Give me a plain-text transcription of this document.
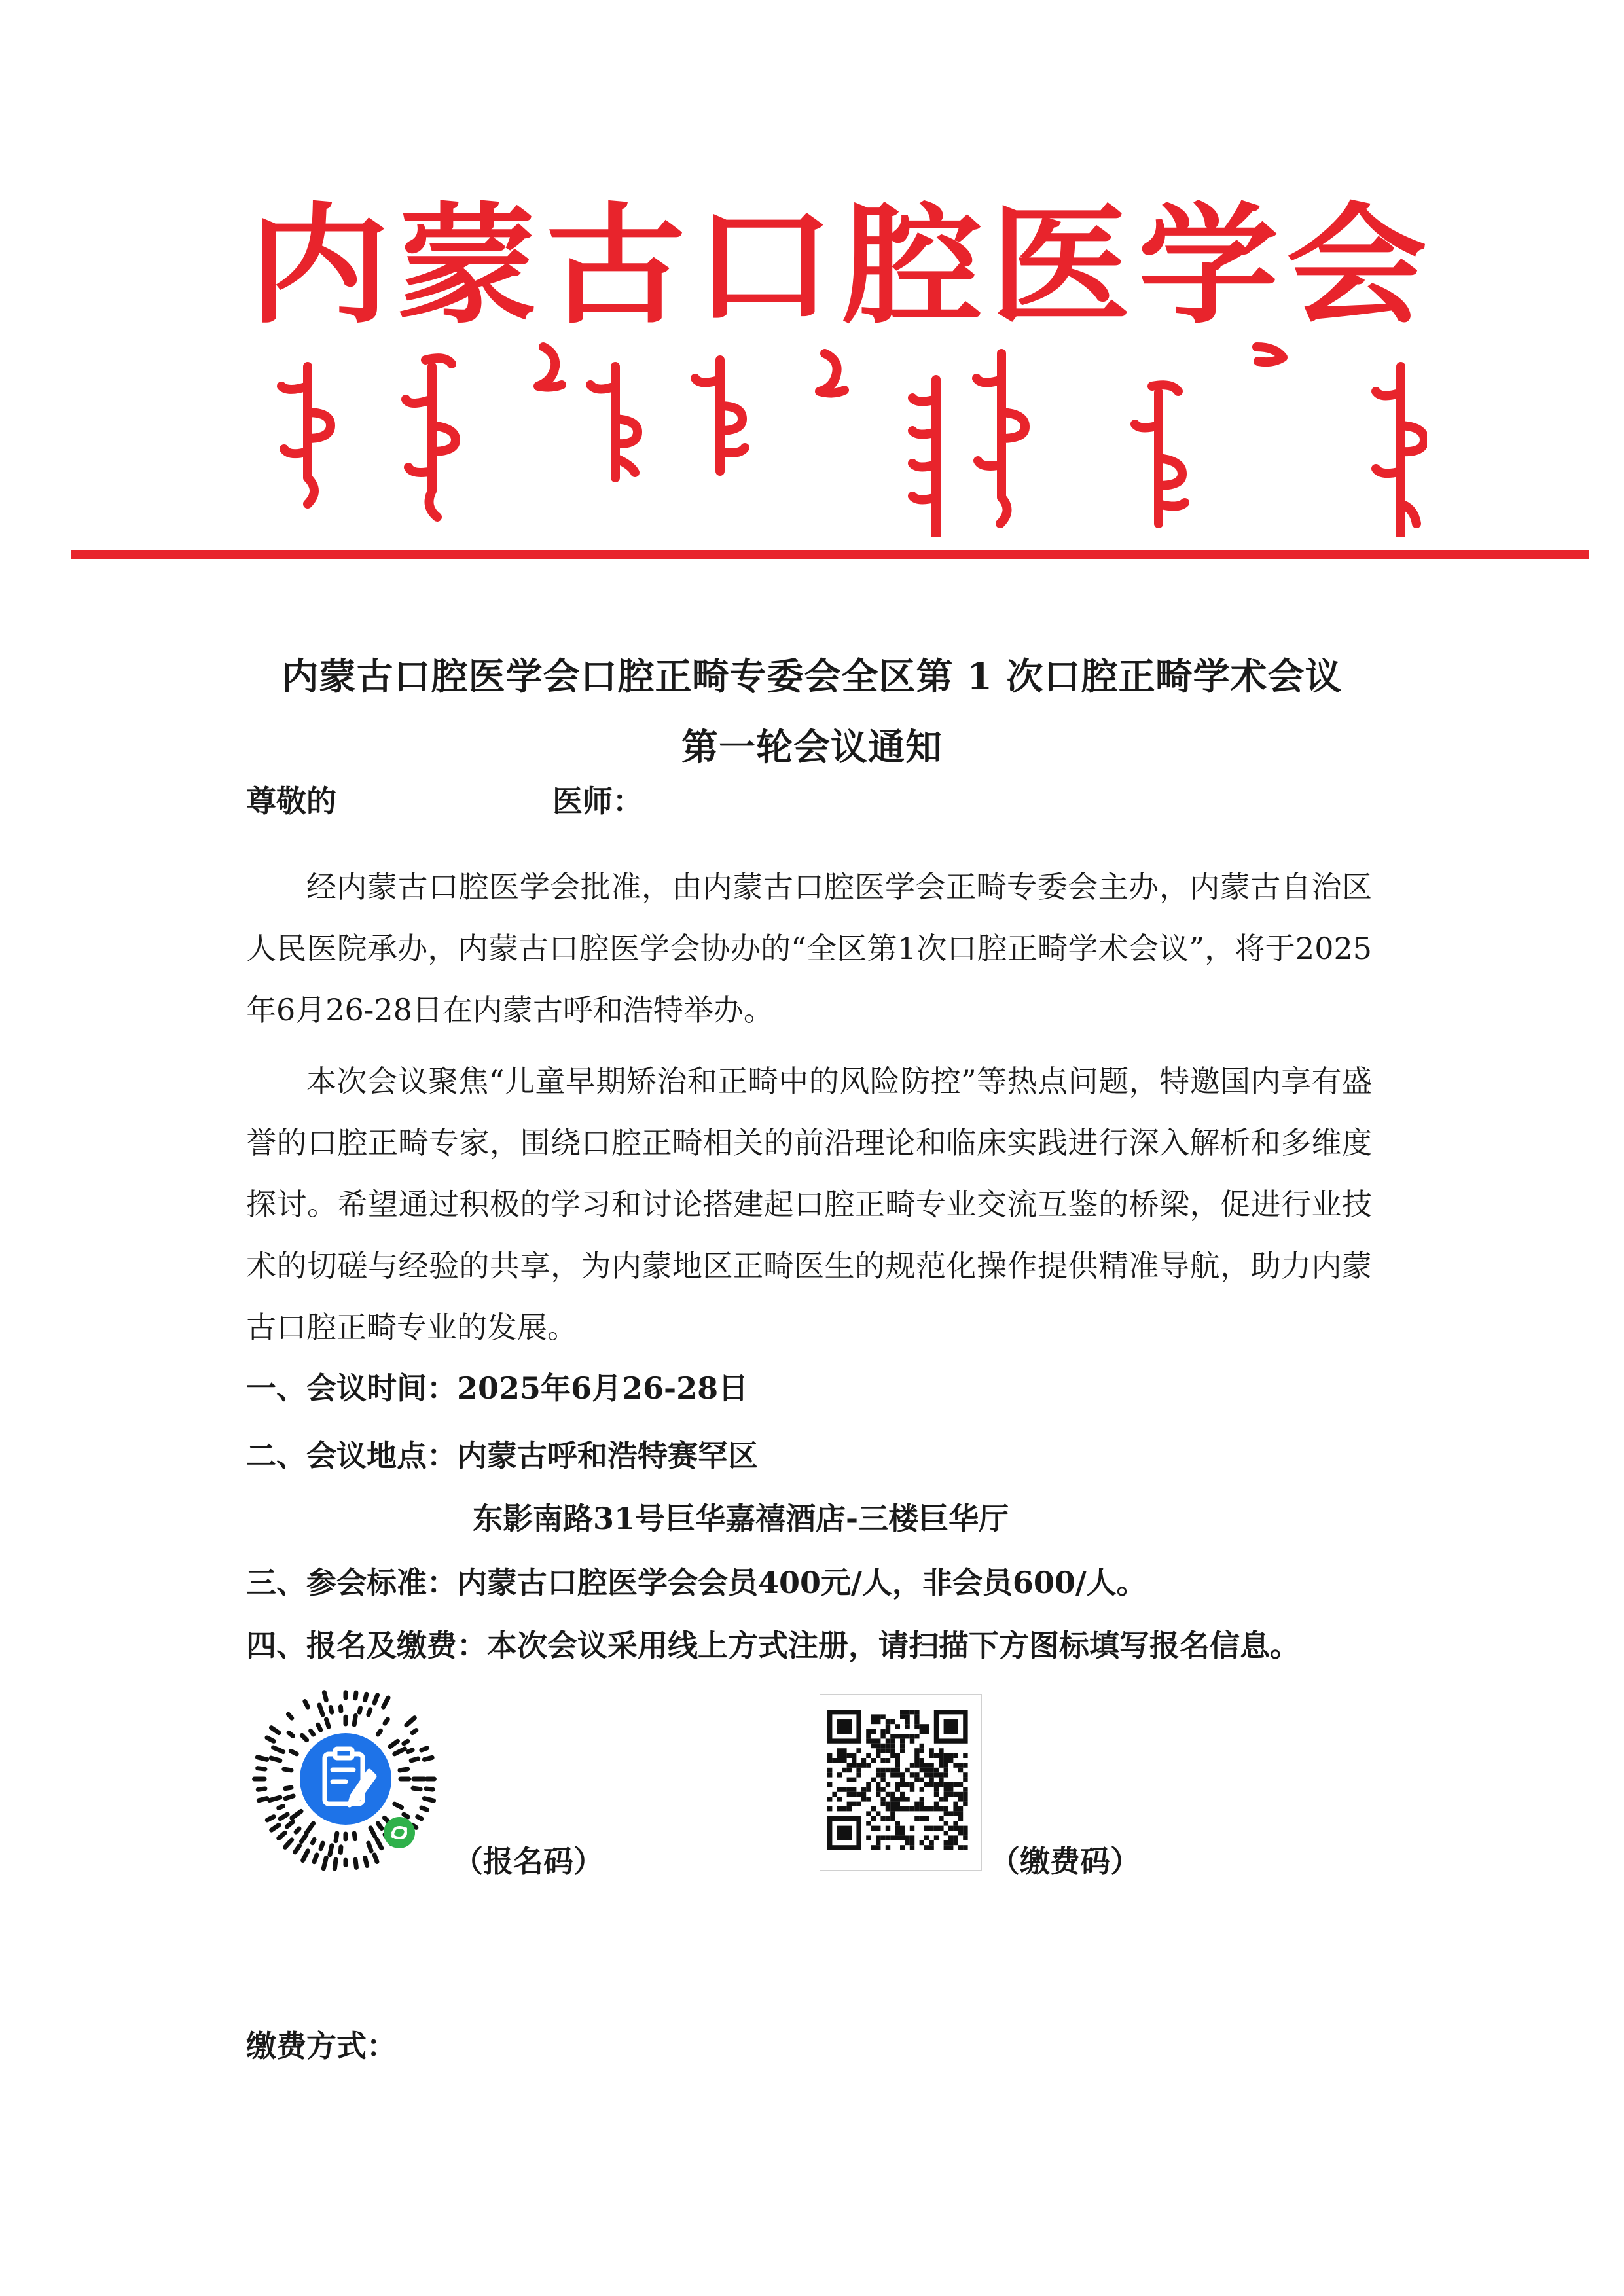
内 蒙 古 口 腔 医 学 会
内蒙古口腔医学会口腔正畸专委会全区第 1 次口腔正畸学术会议
第一轮会议通知
尊敬的	医师：
经内蒙古口腔医学会批准，由内蒙古口腔医学会正畸专委会主办，内蒙古自治区人民医院承办，内蒙古口腔医学会协办的“全区第1次口腔正畸学术会议”，将于2025年6月26-28日在内蒙古呼和浩特举办。
本次会议聚焦“儿童早期矫治和正畸中的风险防控”等热点问题，特邀国内享有盛誉的口腔正畸专家，围绕口腔正畸相关的前沿理论和临床实践进行深入解析和多维度探讨。希望通过积极的学习和讨论搭建起口腔正畸专业交流互鉴的桥梁，促进行业技术的切磋与经验的共享，为内蒙地区正畸医生的规范化操作提供精准导航，助力内蒙古口腔正畸专业的发展。
一、会议时间：2025年6月26-28日
二、会议地点：内蒙古呼和浩特赛罕区
东影南路31号巨华嘉禧酒店-三楼巨华厅
三、参会标准：内蒙古口腔医学会会员400元/人，非会员600/人。
四、报名及缴费：本次会议采用线上方式注册，请扫描下方图标填写报名信息。
（报名码）	（缴费码）
缴费方式：
